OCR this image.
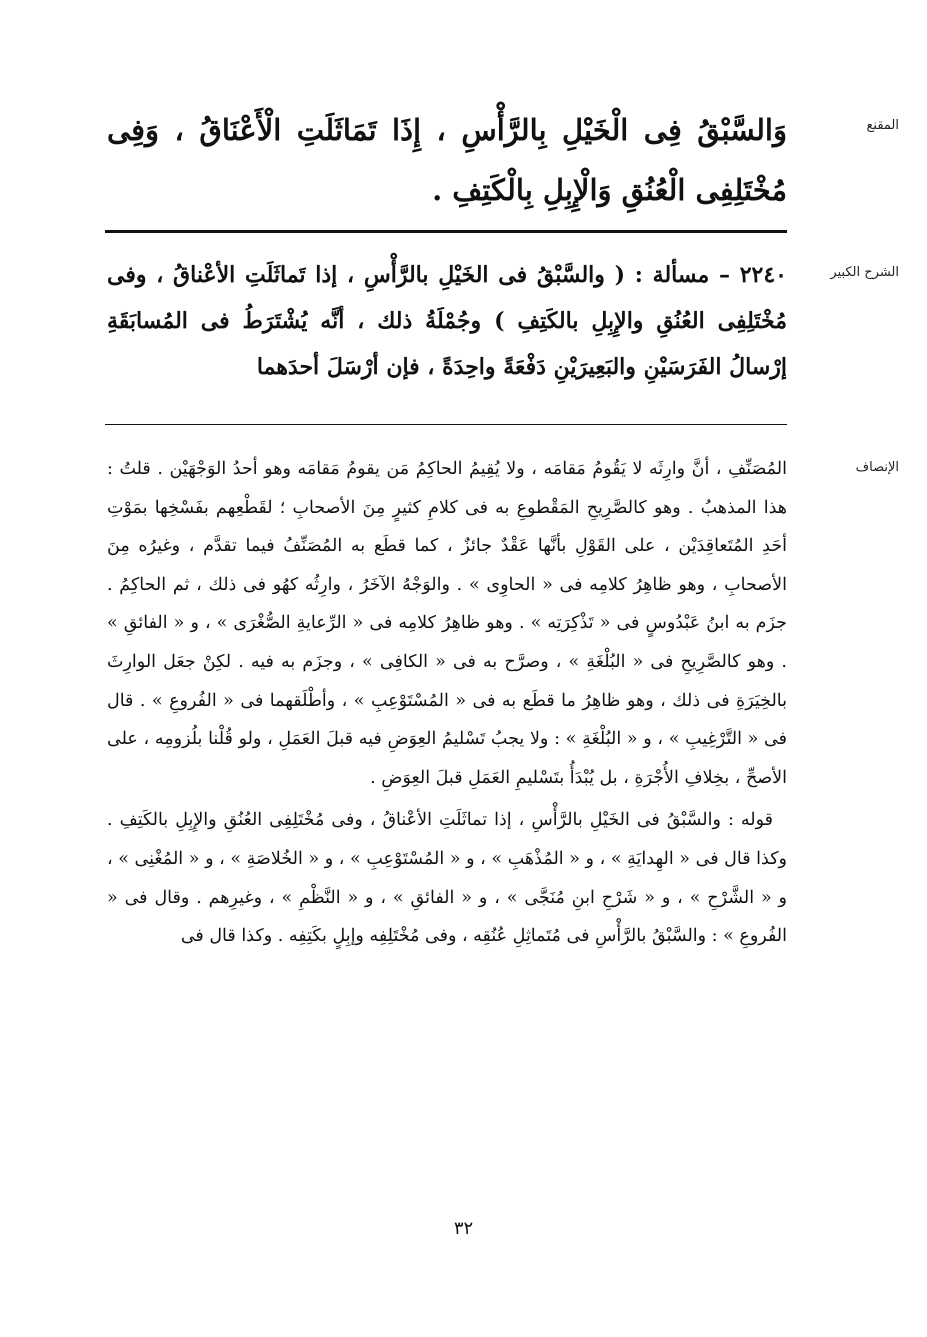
المقنع
وَالسَّبْقُ فِى الْخَيْلِ بِالرَّأْسِ ، إِذَا تَمَاثَلَتِ الْأَعْنَاقُ ، وَفِى مُخْتَلِفِى الْعُنُقِ وَالْإِبِلِ بِالْكَتِفِ .
الشرح الكبير
٢٢٤٠ – مسألة : ( والسَّبْقُ فى الخَيْلِ بالرَّأْسِ ، إذا تَماثَلَتِ الأعْناقُ ، وفى مُخْتَلِفِى العُنُقِ والإِبِلِ بالكَتِفِ ) وجُمْلَةُ ذلك ، أنَّه يُشْتَرَطُ فى المُسابَقَةِ إرْسالُ الفَرَسَيْنِ والبَعِيرَيْنِ دَفْعَةً واحِدَةً ، فإن أرْسَلَ أحدَهما
الإنصاف

المُصَنِّفِ ، أنَّ وارِثَه لا يَقُومُ مَقامَه ، ولا يُقِيمُ الحاكِمُ مَن يقومُ مَقامَه وهو أحدُ الوَجْهَيْن . قلتُ : هذا المذهبُ . وهو كالصَّرِيحِ المَقْطوعِ به فى كلامِ كثيرٍ مِنَ الأصحابِ ؛ لقَطْعِهم بفَسْخِها بمَوْتِ أحَدِ المُتَعاقِدَيْن ، على القَوْلِ بأنَّها عَقْدٌ جائزٌ ، كما قطَع به المُصَنِّفُ فيما تقدَّم ، وغيرُه مِنَ الأصحابِ ، وهو ظاهِرُ كلامِه فى « الحاوِى » . والوَجْهُ الآخَرُ ، وارِثُه كهُو فى ذلك ، ثم الحاكِمُ . جزَم به ابنُ عَبْدُوسٍ فى « تَذْكِرَتِه » . وهو ظاهِرُ كلامِه فى « الرِّعايةِ الصُّغْرَى » ، و « الفائقِ » . وهو كالصَّرِيحِ فى « البُلْغَةِ » ، وصرَّح به فى « الكافِى » ، وجزَم به فيه . لكِنْ جعَل الوارِثَ بالخِيَرَةِ فى ذلك ، وهو ظاهِرُ ما قطَع به فى « المُسْتَوْعِبِ » ، وأطْلَقهما فى « الفُروعِ » . قال فى « التَّرْغِيبِ » ، و « البُلْغَةِ » : ولا يجبُ تَسْليمُ العِوَضِ فيه قبلَ العَمَلِ ، ولو قُلْنا بلُزومِه ، على الأصحِّ ، بخِلافِ الأُجْرَةِ ، بل يُبْدَأُ بتَسْليمِ العَمَلِ قبلَ العِوَضِ .

قوله : والسَّبْقُ فى الخَيْلِ بالرَّأْسِ ، إذا تماثَلَتِ الأعْناقُ ، وفى مُخْتَلِفِى العُنُقِ والإِبِلِ بالكَتِفِ . وكذا قال فى « الهِدايَةِ » ، و « المُذْهَبِ » ، و « المُسْتَوْعِبِ » ، و « الخُلاصَةِ » ، و « المُغْنِى » ، و « الشَّرْحِ » ، و « شَرْحِ ابنِ مُنَجَّى » ، و « الفائقِ » ، و « النَّظْمِ » ، وغيرِهم . وقال فى « الفُروعِ » : والسَّبْقُ بالرَّأْسِ فى مُتَماثِلِ عُنُقِه ، وفى مُخْتَلِفِه وإبِلٍ بكَتِفِه . وكذا قال فى

٣٢
